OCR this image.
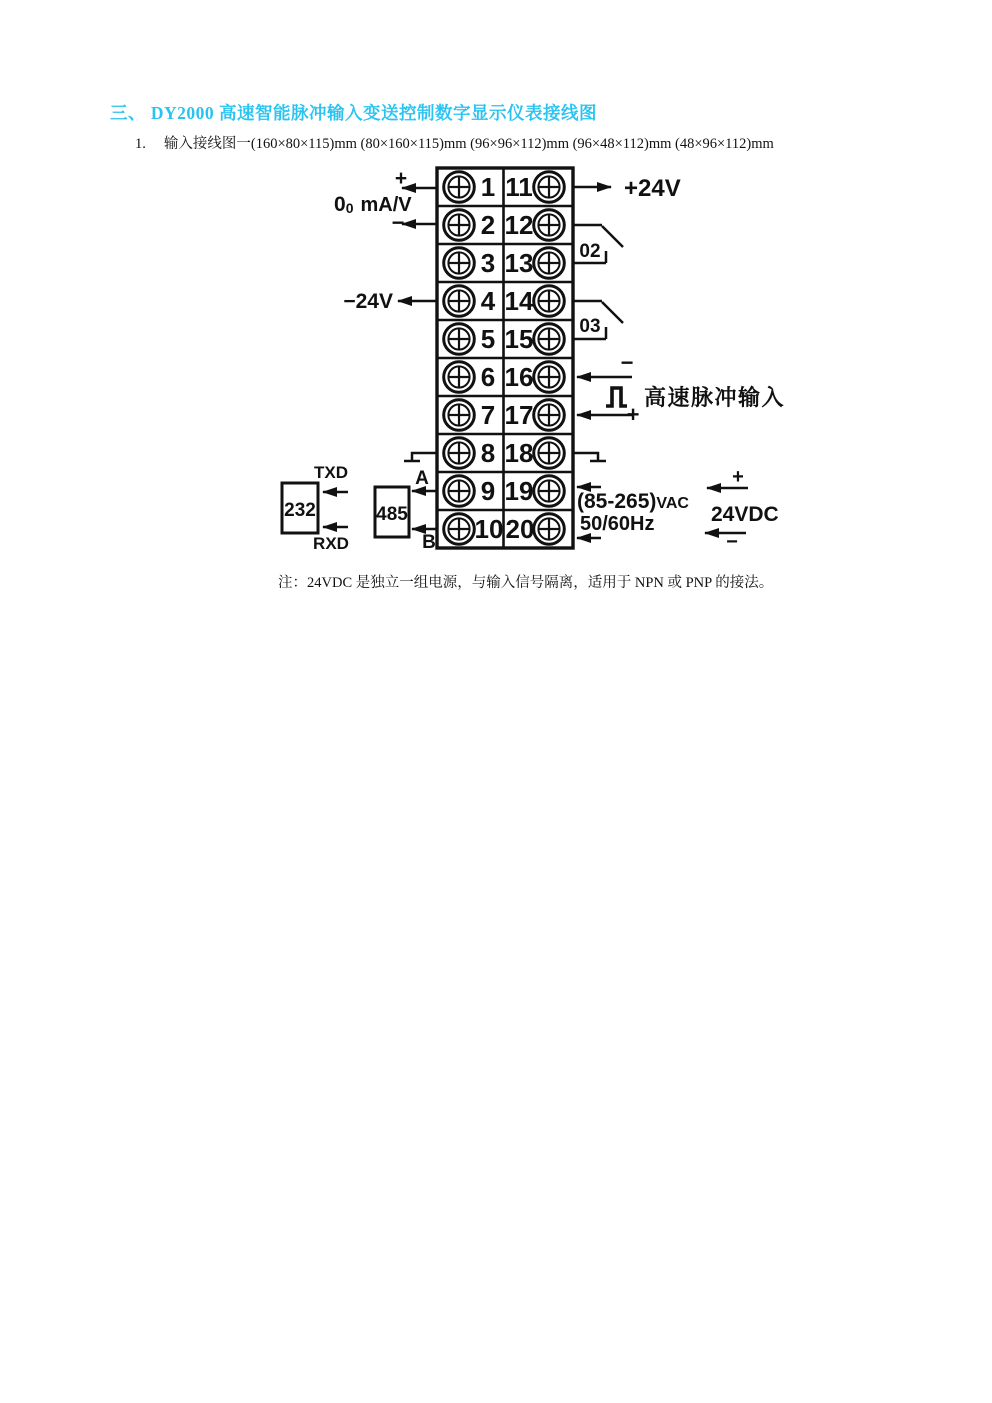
三、 DY2000 高速智能脉冲输入变送控制数字显示仪表接线图
1. 输入接线图一(160×80×115)mm (80×160×115)mm (96×96×112)mm (96×48×112)mm (48×96×112)mm
1
2
3
4
5
6
7
8
9
10
11
12
13
14
15
16
17
18
19
20
+
−
00 mA/V
−24V
+24V
02
03
−
+
高速脉冲输入
A
B
485
232
TXD
RXD
(85-265)VAC
50/60Hz
+
−
24VDC
注：24VDC 是独立一组电源，与输入信号隔离，适用于 NPN 或 PNP 的接法。
